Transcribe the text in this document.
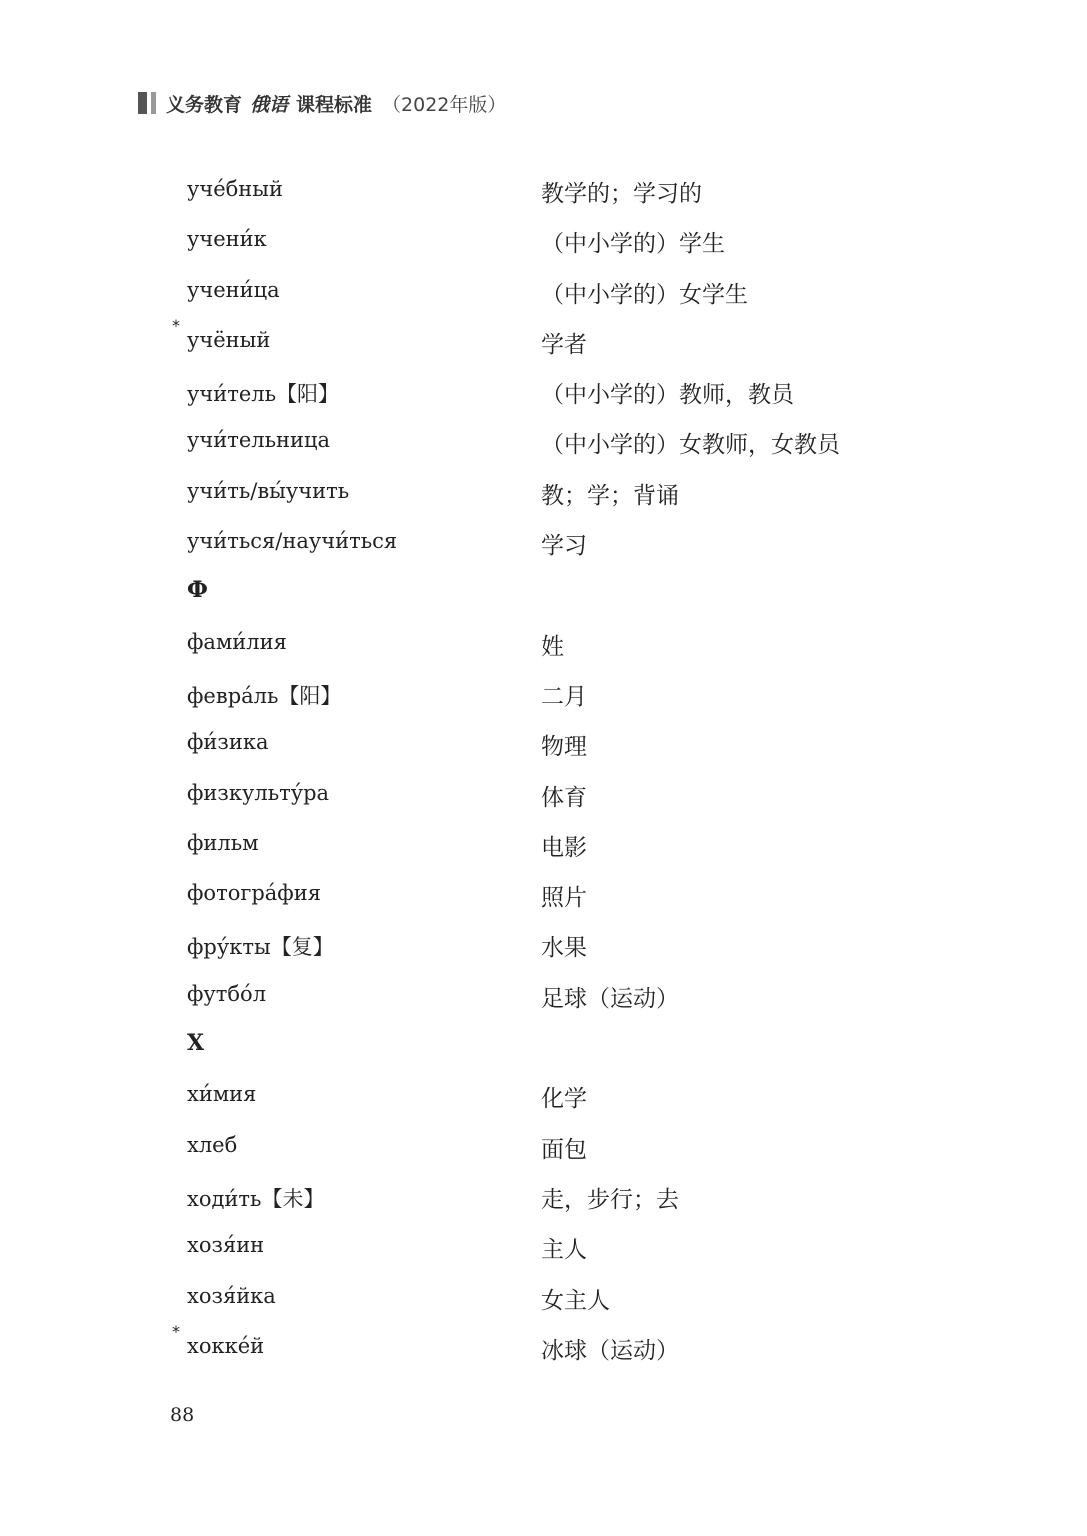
义务教育 俄语 课程标准 （2022年版）
уче́бный	教学的；学习的
учени́к	（中小学的）学生
учени́ца	（中小学的）女学生
*
учёный	学者
учи́тель【阳】	（中小学的）教师，教员
учи́тельница	（中小学的）女教师，女教员
учи́ть/вы́учить	教；学；背诵
учи́ться/научи́ться	学习
Ф
фами́лия	姓
февра́ль【阳】	二月
фи́зика	物理
физкульту́ра	体育
фильм	电影
фотогра́фия	照片
фру́кты【复】	水果
футбо́л	足球（运动）
Х
хи́мия	化学
хлеб	面包
ходи́ть【未】	走，步行；去
хозя́ин	主人
хозя́йка	女主人
*
хокке́й	冰球（运动）
88
